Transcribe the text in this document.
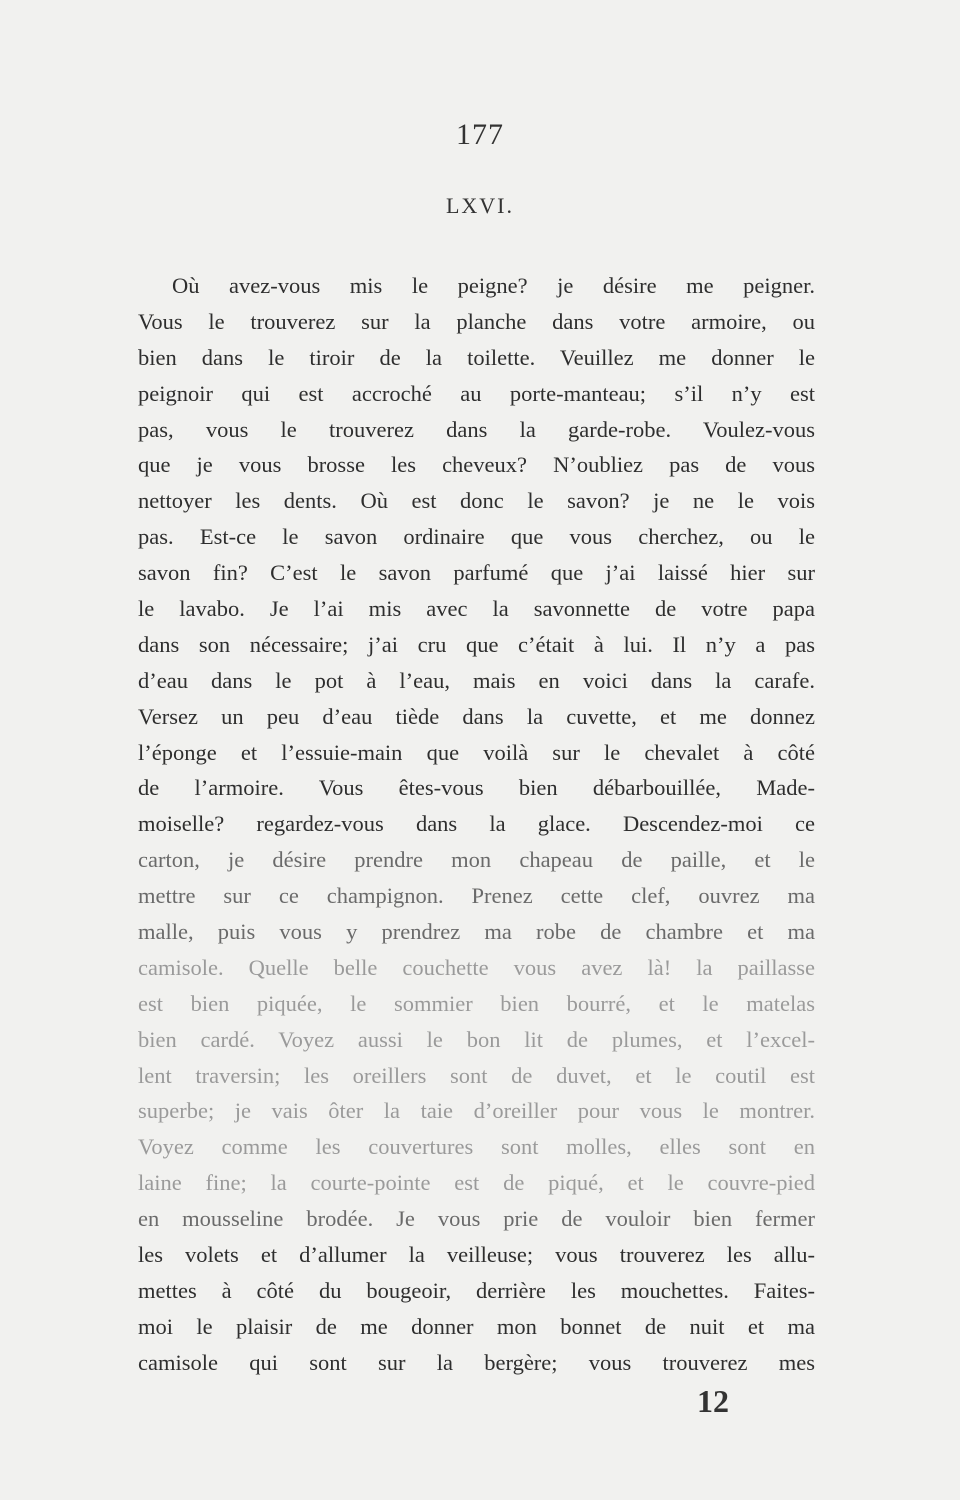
177
LXVI.
Où avez-vous mis le peigne? je désire me peigner.
Vous le trouverez sur la planche dans votre armoire, ou
bien dans le tiroir de la toilette. Veuillez me donner le
peignoir qui est accroché au porte-manteau; s’il n’y est
pas, vous le trouverez dans la garde-robe. Voulez-vous
que je vous brosse les cheveux? N’oubliez pas de vous
nettoyer les dents. Où est donc le savon? je ne le vois
pas. Est-ce le savon ordinaire que vous cherchez, ou le
savon fin? C’est le savon parfumé que j’ai laissé hier sur
le lavabo. Je l’ai mis avec la savonnette de votre papa
dans son nécessaire; j’ai cru que c’était à lui. Il n’y a pas
d’eau dans le pot à l’eau, mais en voici dans la carafe.
Versez un peu d’eau tiède dans la cuvette, et me donnez
l’éponge et l’essuie-main que voilà sur le chevalet à côté
de l’armoire. Vous êtes-vous bien débarbouillée, Made-
moiselle? regardez-vous dans la glace. Descendez-moi ce
carton, je désire prendre mon chapeau de paille, et le
mettre sur ce champignon. Prenez cette clef, ouvrez ma
malle, puis vous y prendrez ma robe de chambre et ma
camisole. Quelle belle couchette vous avez là! la paillasse
est bien piquée, le sommier bien bourré, et le matelas
bien cardé. Voyez aussi le bon lit de plumes, et l’excel-
lent traversin; les oreillers sont de duvet, et le coutil est
superbe; je vais ôter la taie d’oreiller pour vous le montrer.
Voyez comme les couvertures sont molles, elles sont en
laine fine; la courte-pointe est de piqué, et le couvre-pied
en mousseline brodée. Je vous prie de vouloir bien fermer
les volets et d’allumer la veilleuse; vous trouverez les allu-
mettes à côté du bougeoir, derrière les mouchettes. Faites-
moi le plaisir de me donner mon bonnet de nuit et ma
camisole qui sont sur la bergère; vous trouverez mes
12
